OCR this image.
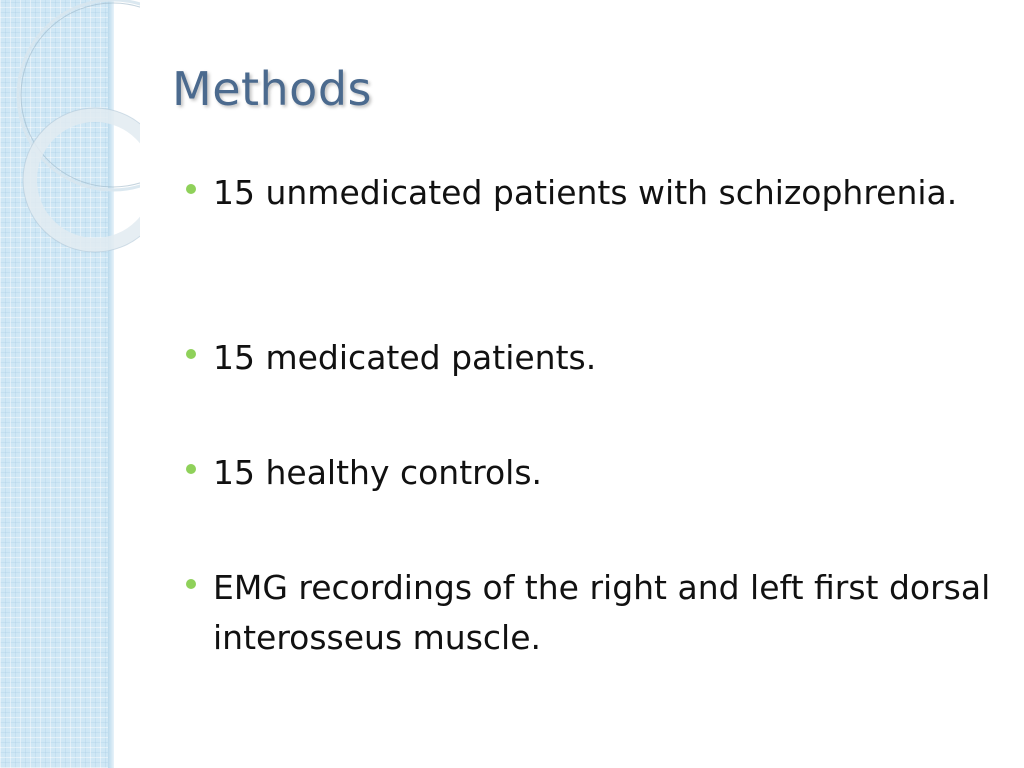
Methods
15 unmedicated patients with schizophrenia.
15 medicated patients.
15 healthy controls.
EMG recordings of the right and left first dorsal interosseus muscle.
